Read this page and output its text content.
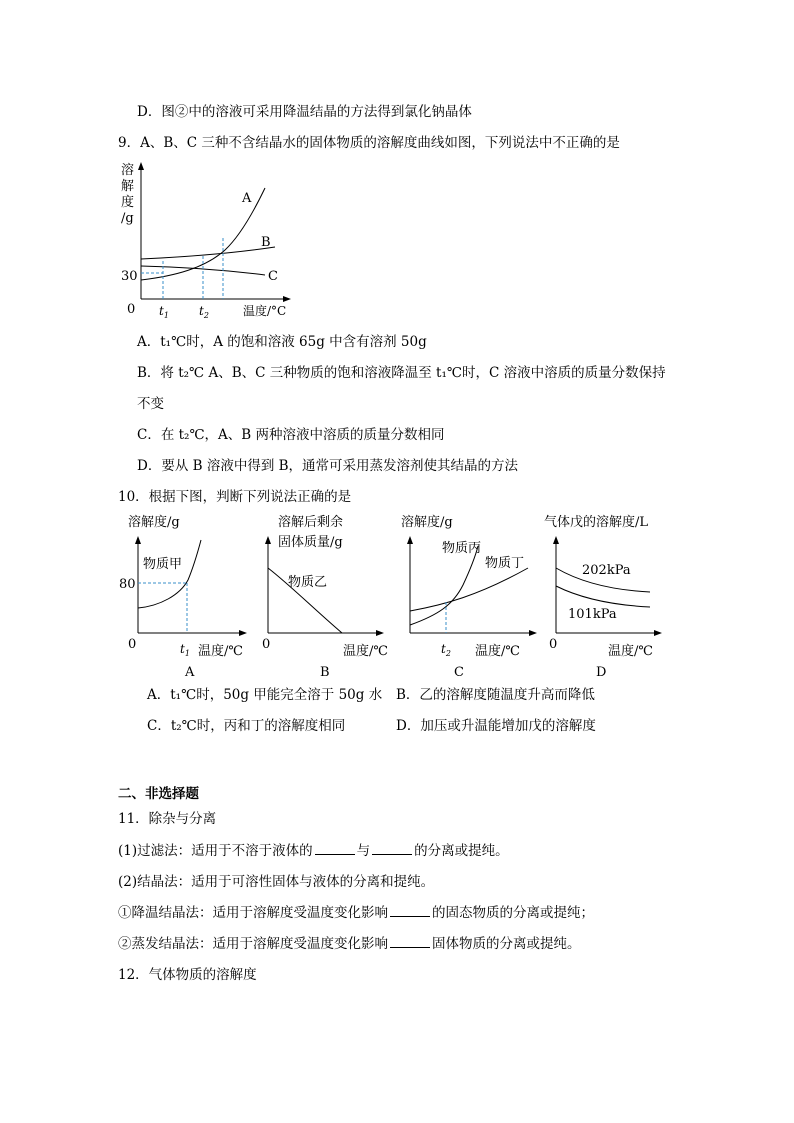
D．图②中的溶液可采用降温结晶的方法得到氯化钠晶体
9．A、B、C 三种不含结晶水的固体物质的溶解度曲线如图，下列说法中不正确的是
溶
解
度
/g
A
B
C
30
0 $t_1$	$t_2$	温度/°C
A．t₁℃时，A 的饱和溶液 65g 中含有溶剂 50g
B．将 t₂℃ A、B、C 三种物质的饱和溶液降温至 t₁℃时，C 溶液中溶质的质量分数保持
不变
C．在 t₂℃，A、B 两种溶液中溶质的质量分数相同
D．要从 B 溶液中得到 B，通常可采用蒸发溶剂使其结晶的方法
10．根据下图，判断下列说法正确的是
溶解度/g
物质甲
80
0	$t_1$ 温度/℃
A
溶解后剩余
固体质量/g
物质乙
0	温度/℃
B
溶解度/g
物质丙
物质丁
$t_2$ 温度/℃
C
气体戊的溶解度/L
202kPa
101kPa
0	温度/℃
D
A．t₁℃时，50g 甲能完全溶于 50g 水 B．乙的溶解度随温度升高而降低
C．t₂℃时，丙和丁的溶解度相同	D．加压或升温能增加戊的溶解度
二、非选择题
11．除杂与分离
(1)过滤法：适用于不溶于液体的	与	的分离或提纯。
(2)结晶法：适用于可溶性固体与液体的分离和提纯。
①降温结晶法：适用于溶解度受温度变化影响	的固态物质的分离或提纯；
②蒸发结晶法：适用于溶解度受温度变化影响	固体物质的分离或提纯。
12．气体物质的溶解度
